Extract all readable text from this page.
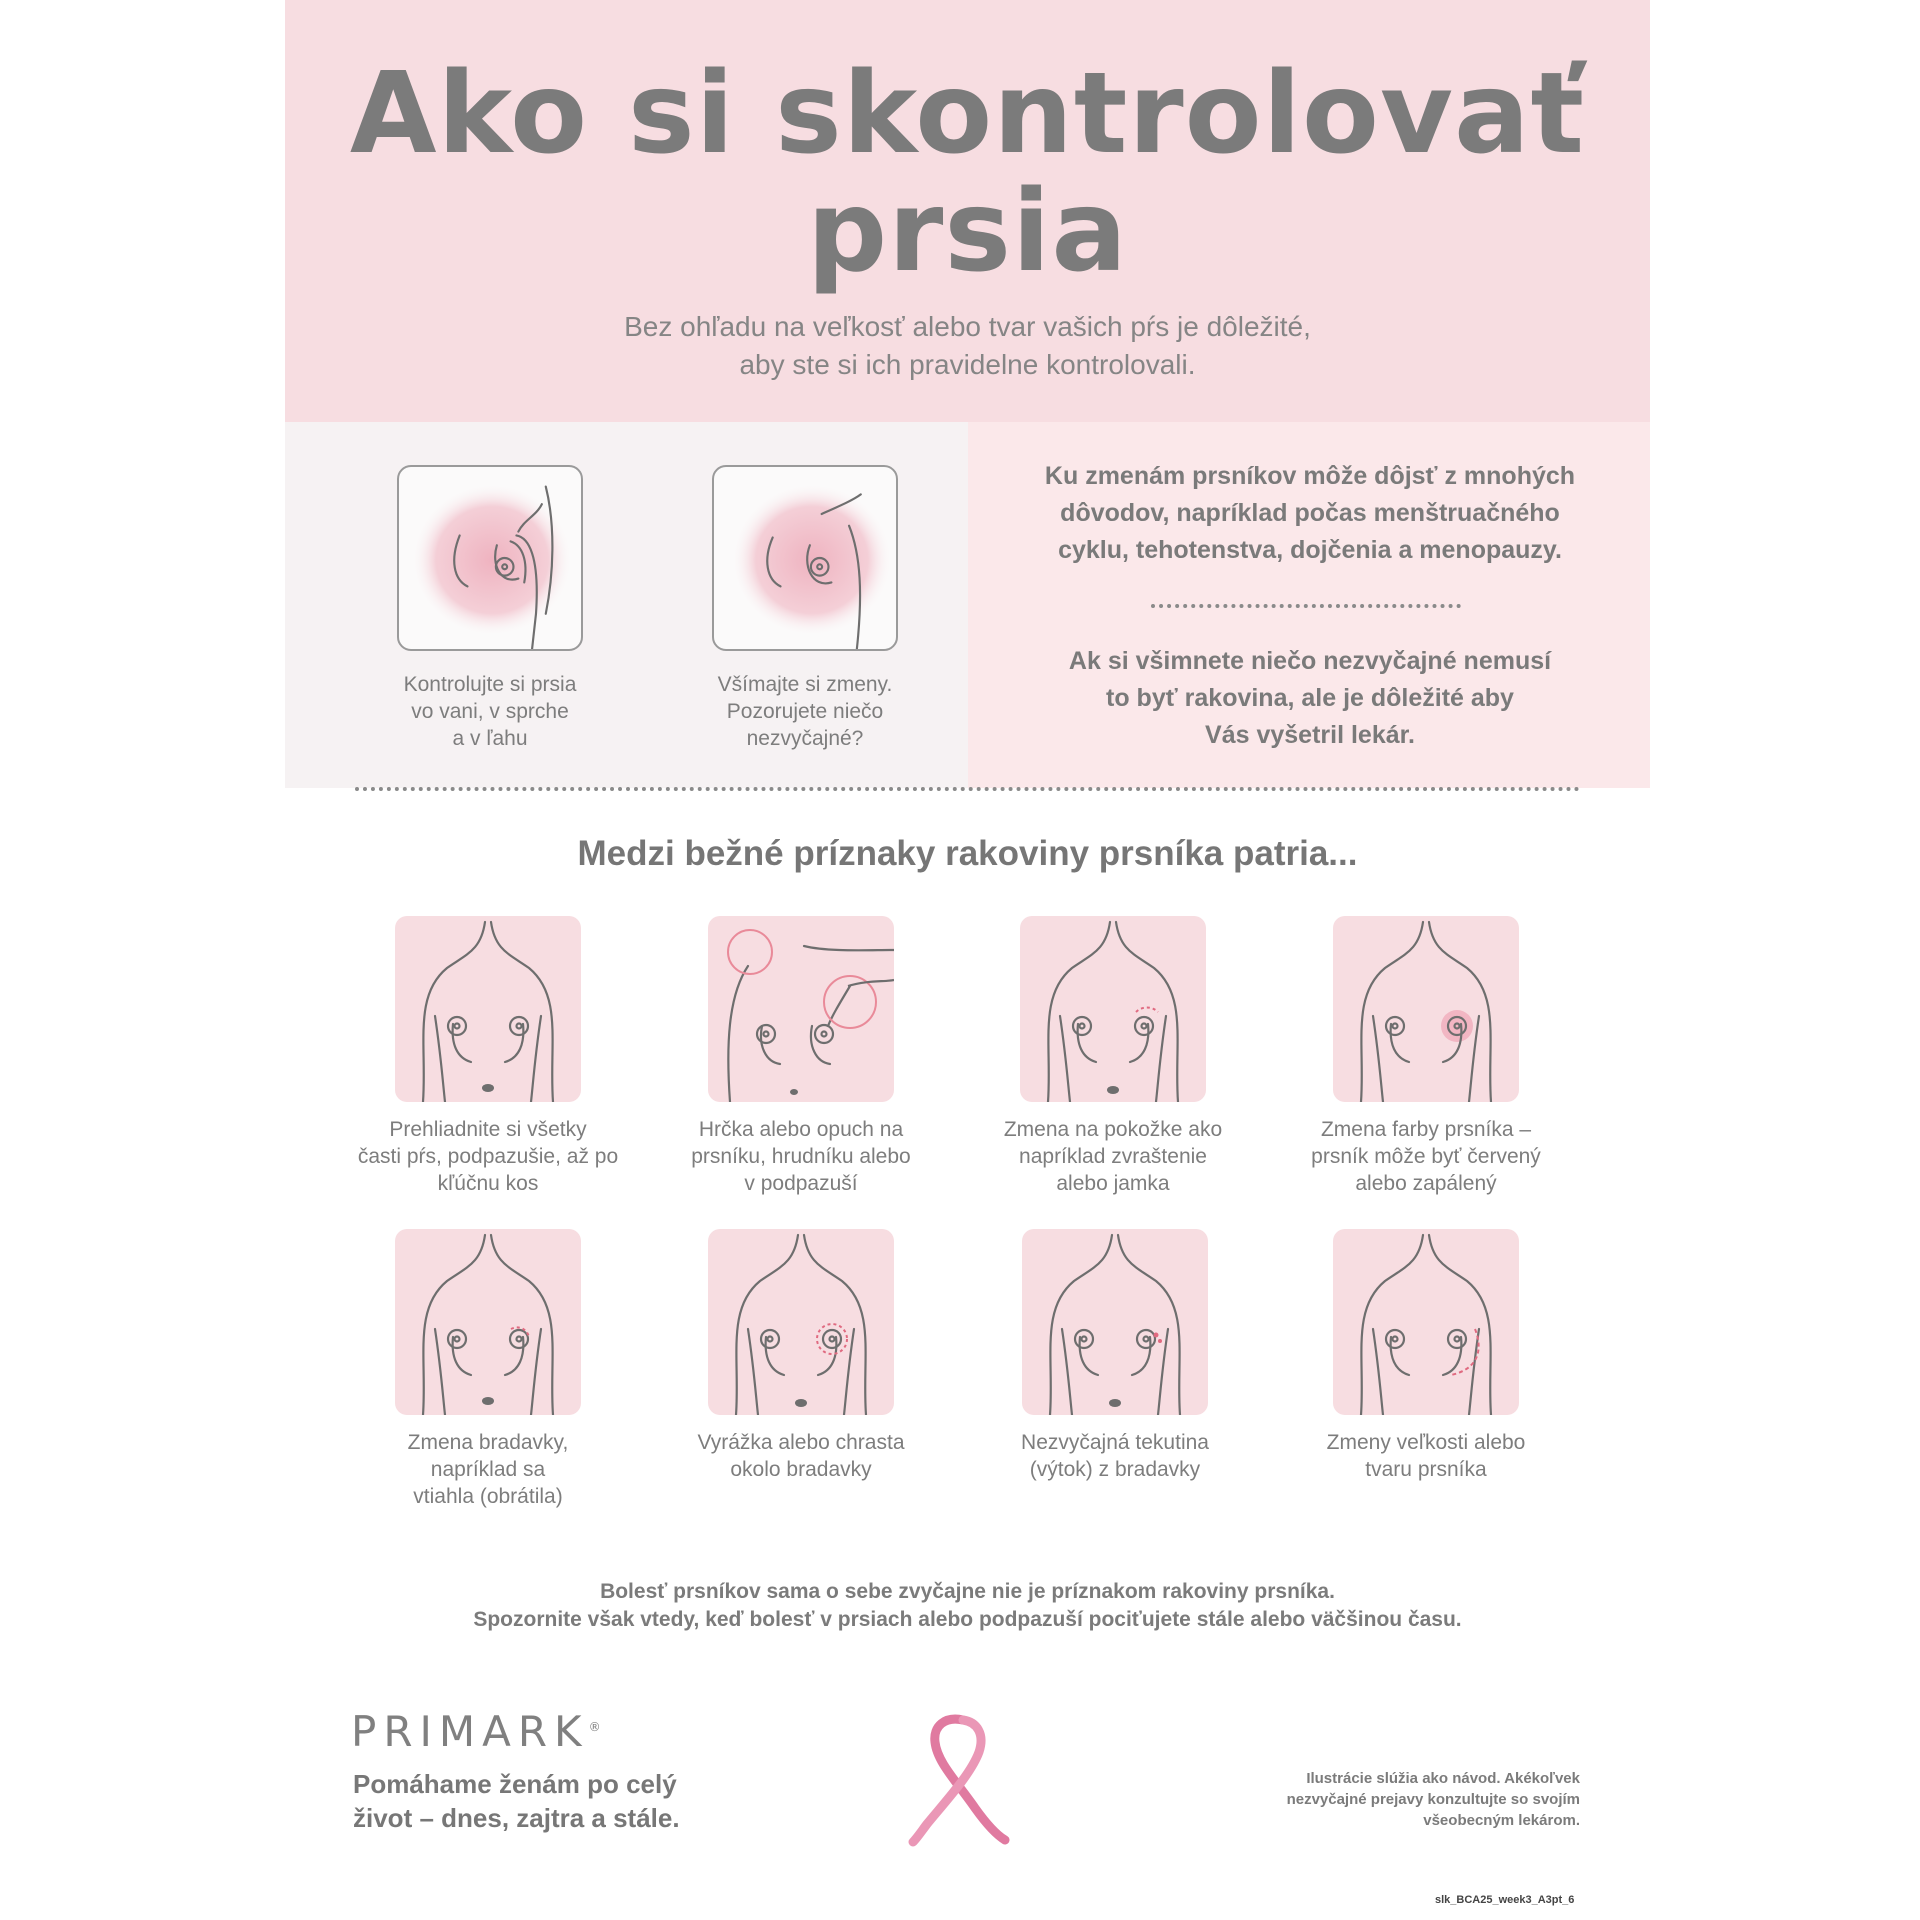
Ako si skontrolovať
prsia

Bez ohľadu na veľkosť alebo tvar vašich pŕs je dôležité,
aby ste si ich pravidelne kontrolovali.

Kontrolujte si prsia
vo vani, v sprche
a v ľahu
Všímajte si zmeny.
Pozorujete niečo
nezvyčajné?

Ku zmenám prsníkov môže dôjsť z mnohých
dôvodov, napríklad počas menštruačného
cyklu, tehotenstva, dojčenia a menopauzy.

Ak si všimnete niečo nezvyčajné nemusí
to byť rakovina, ale je dôležité aby
Vás vyšetril lekár.

Medzi bežné príznaky rakoviny prsníka patria...
Prehliadnite si všetky
časti pŕs, podpazušie, až po
kľúčnu kos
Hrčka alebo opuch na
prsníku, hrudníku alebo
v podpazuší
Zmena na pokožke ako
napríklad zvraštenie
alebo jamka
Zmena farby prsníka –
prsník môže byť červený
alebo zapálený
Zmena bradavky,
napríklad sa
vtiahla (obrátila)
Vyrážka alebo chrasta
okolo bradavky
Nezvyčajná tekutina
(výtok) z bradavky
Zmeny veľkosti alebo
tvaru prsníka

Bolesť prsníkov sama o sebe zvyčajne nie je príznakom rakoviny prsníka.
Spozornite však vtedy, keď bolesť v prsiach alebo podpazuší pociťujete stále alebo väčšinou času.

PRIMARK®

Pomáhame ženám po celý
život – dnes, zajtra a stále.

Ilustrácie slúžia ako návod. Akékoľvek
nezvyčajné prejavy konzultujte so svojím
všeobecným lekárom.

slk_BCA25_week3_A3pt_6
